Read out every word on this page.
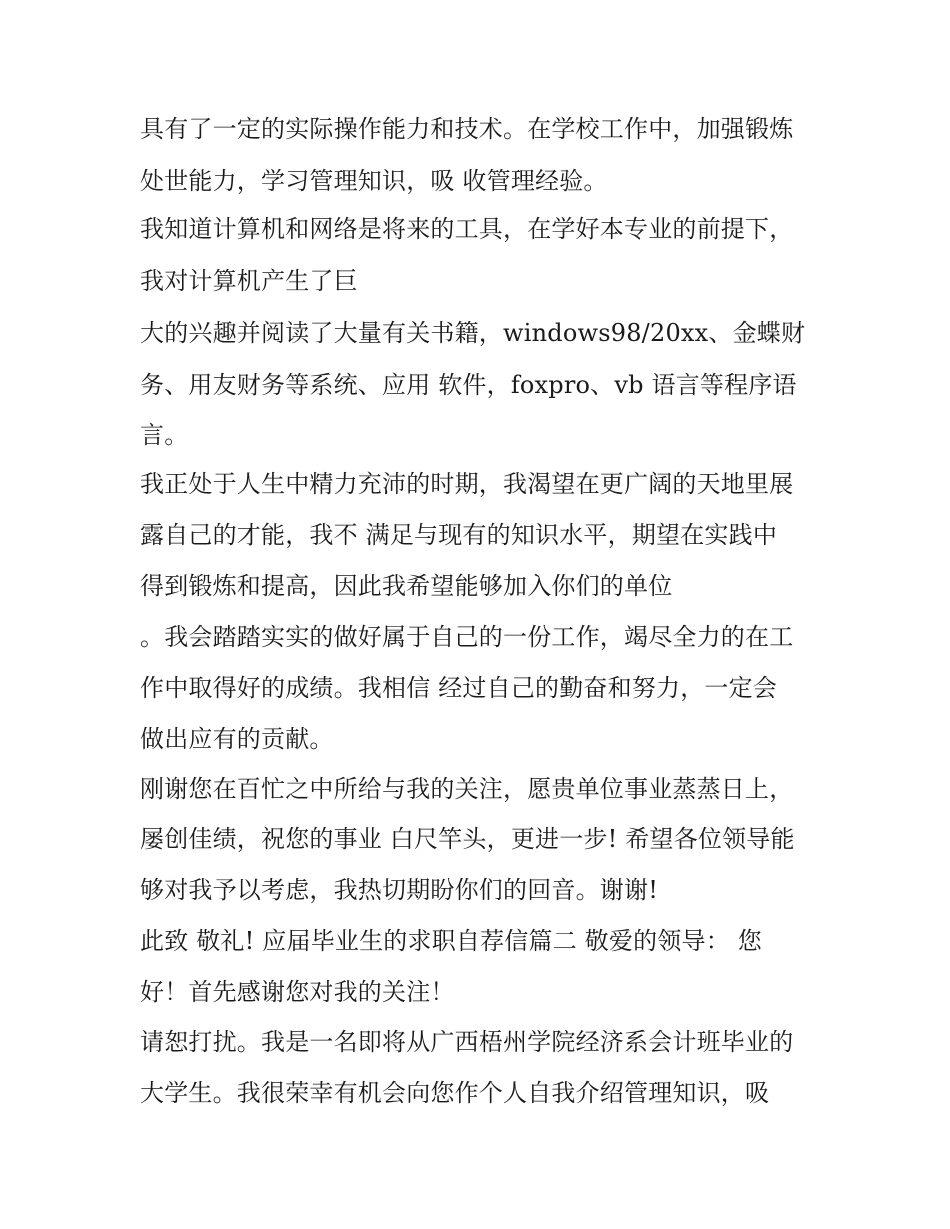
具有了一定的实际操作能力和技术。在学校工作中，加强锻炼
处世能力，学习管理知识，吸 收管理经验。
我知道计算机和网络是将来的工具，在学好本专业的前提下，
我对计算机产生了巨
大的兴趣并阅读了大量有关书籍，windows98/20xx、金蝶财
务、用友财务等系统、应用 软件，foxpro、vb 语言等程序语
言。
我正处于人生中精力充沛的时期，我渴望在更广阔的天地里展
露自己的才能，我不 满足与现有的知识水平，期望在实践中
得到锻炼和提高，因此我希望能够加入你们的单位
。我会踏踏实实的做好属于自己的一份工作，竭尽全力的在工
作中取得好的成绩。我相信 经过自己的勤奋和努力，一定会
做出应有的贡献。
刚谢您在百忙之中所给与我的关注，愿贵单位事业蒸蒸日上，
屡创佳绩，祝您的事业 白尺竿头，更进一步! 希望各位领导能
够对我予以考虑，我热切期盼你们的回音。谢谢!
此致 敬礼! 应届毕业生的求职自荐信篇二 敬爱的领导： 您
好！首先感谢您对我的关注！
请恕打扰。我是一名即将从广西梧州学院经济系会计班毕业的
大学生。我很荣幸有机会向您作个人自我介绍管理知识，吸
